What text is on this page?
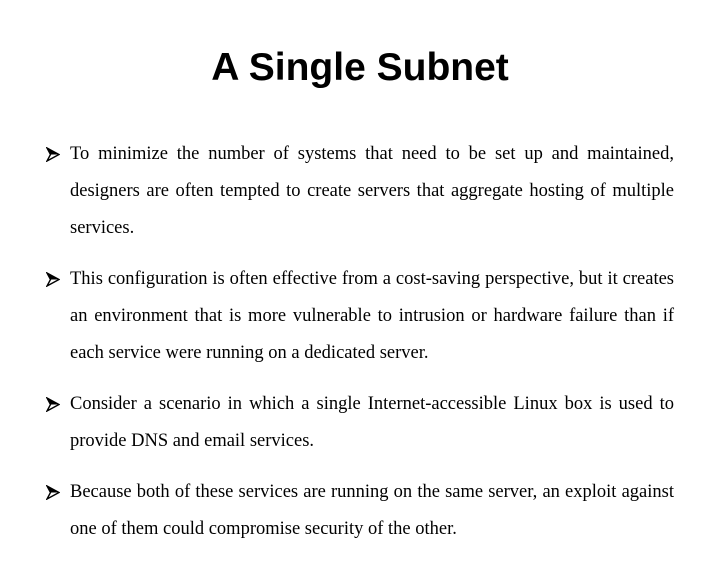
A Single Subnet
To minimize the number of systems that need to be set up and maintained, designers are often tempted to create servers that aggregate hosting of multiple services.
This configuration is often effective from a cost-saving perspective, but it creates an environment that is more vulnerable to intrusion or hardware failure than if each service were running on a dedicated server.
Consider a scenario in which a single Internet-accessible Linux box is used to provide DNS and email services.
Because both of these services are running on the same server, an exploit against one of them could compromise security of the other.
